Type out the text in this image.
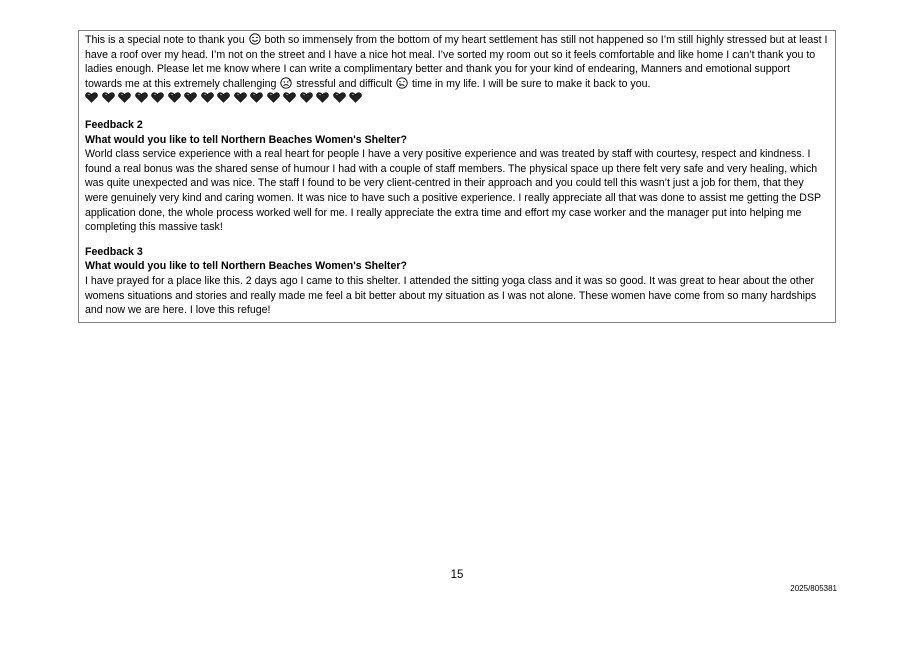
This is a special note to thank you both so immensely from the bottom of my heart settlement has still not happened so I’m still highly stressed but at least I have a roof over my head. I’m not on the street and I have a nice hot meal. I’ve sorted my room out so it feels comfortable and like home I can’t thank you to ladies enough. Please let me know where I can write a complimentary better and thank you for your kind of endearing, Manners and emotional support towards me at this extremely challenging stressful and difficult time in my life. I will be sure to make it back to you.

Feedback 2

What would you like to tell Northern Beaches Women's Shelter?

World class service experience with a real heart for people I have a very positive experience and was treated by staff with courtesy, respect and kindness. I found a real bonus was the shared sense of humour I had with a couple of staff members. The physical space up there felt very safe and very healing, which was quite unexpected and was nice. The staff I found to be very client-centred in their approach and you could tell this wasn’t just a job for them, that they were genuinely very kind and caring women. It was nice to have such a positive experience. I really appreciate all that was done to assist me getting the DSP application done, the whole process worked well for me. I really appreciate the extra time and effort my case worker and the manager put into helping me completing this massive task!

Feedback 3

What would you like to tell Northern Beaches Women's Shelter?

I have prayed for a place like this. 2 days ago I came to this shelter. I attended the sitting yoga class and it was so good. It was great to hear about the other womens situations and stories and really made me feel a bit better about my situation as I was not alone. These women have come from so many hardships and now we are here. I love this refuge!

15
2025/805381
